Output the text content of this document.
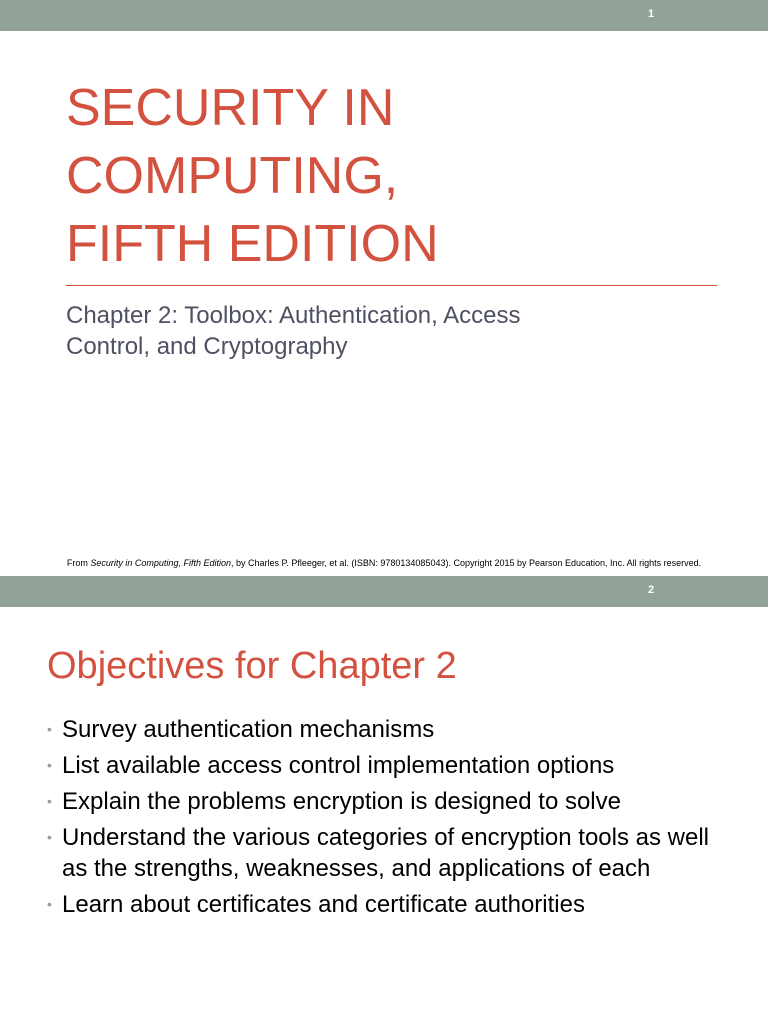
1
SECURITY IN
COMPUTING,
FIFTH EDITION

Chapter 2: Toolbox: Authentication, Access Control, and Cryptography

From Security in Computing, Fifth Edition, by Charles P. Pfleeger, et al. (ISBN: 9780134085043). Copyright 2015 by Pearson Education, Inc. All rights reserved.

2
Objectives for Chapter 2
• Survey authentication mechanisms
• List available access control implementation options
• Explain the problems encryption is designed to solve
• Understand the various categories of encryption tools as well as the strengths, weaknesses, and applications of each
• Learn about certificates and certificate authorities
